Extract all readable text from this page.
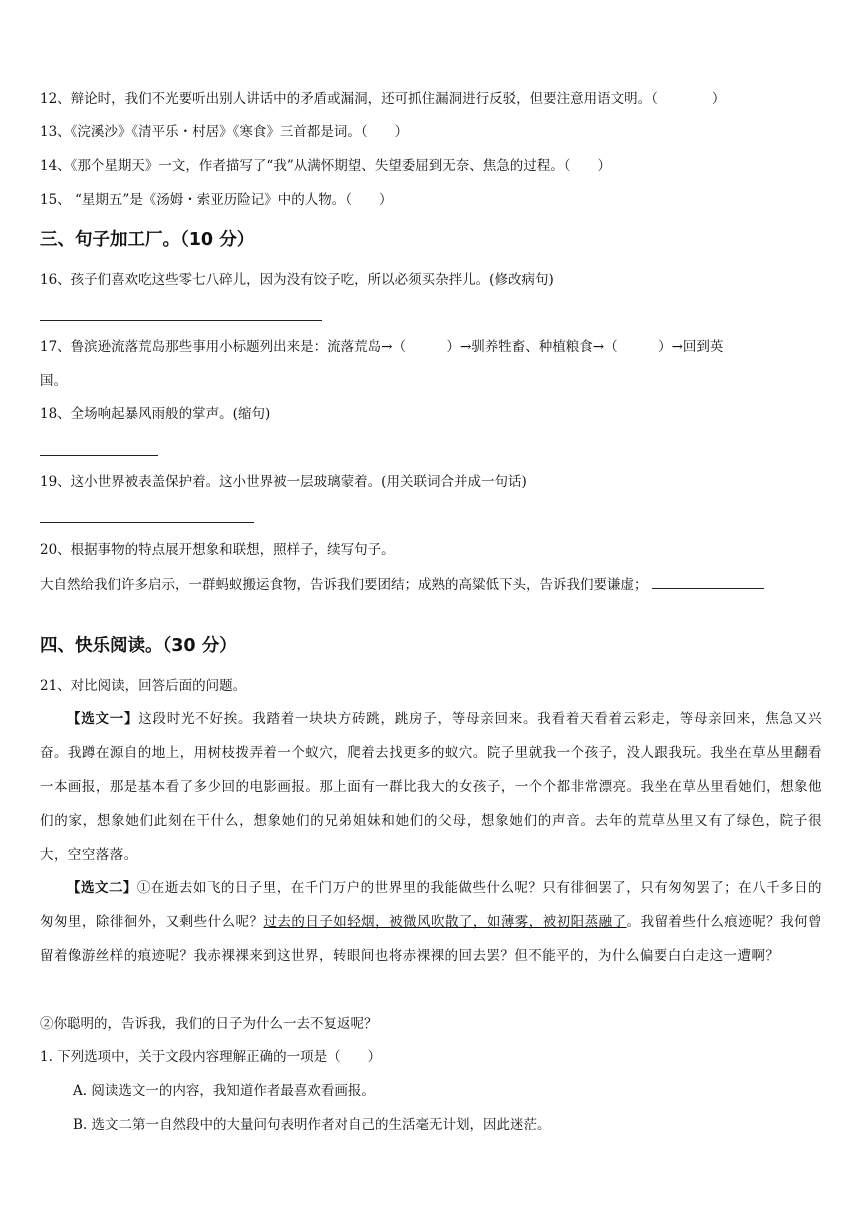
12、辩论时，我们不光要听出别人讲话中的矛盾或漏洞，还可抓住漏洞进行反驳，但要注意用语文明。（　　　　）
13、《浣溪沙》《清平乐・村居》《寒食》三首都是词。（　　）
14、《那个星期天》一文，作者描写了“我”从满怀期望、失望委屈到无奈、焦急的过程。（　　）
15、 “星期五”是《汤姆・索亚历险记》中的人物。（　　）
三、句子加工厂。（10 分）
16、孩子们喜欢吃这些零七八碎儿，因为没有饺子吃，所以必须买杂拌儿。(修改病句)
17、鲁滨逊流落荒岛那些事用小标题列出来是：流落荒岛→（　　　）→驯养牲畜、种植粮食→（　　　）→回到英
国。
18、全场响起暴风雨般的掌声。(缩句)
19、这小世界被表盖保护着。这小世界被一层玻璃蒙着。(用关联词合并成一句话)
20、根据事物的特点展开想象和联想，照样子，续写句子。
大自然给我们许多启示，一群蚂蚁搬运食物，告诉我们要团结；成熟的高粱低下头，告诉我们要谦虚；
四、快乐阅读。（30 分）
21、对比阅读，回答后面的问题。
【选文一】这段时光不好挨。我踏着一块块方砖跳，跳房子，等母亲回来。我看着天看着云彩走，等母亲回来，焦急又兴奋。我蹲在源自的地上，用树枝拨弄着一个蚁穴，爬着去找更多的蚁穴。院子里就我一个孩子，没人跟我玩。我坐在草丛里翻看一本画报，那是基本看了多少回的电影画报。那上面有一群比我大的女孩子，一个个都非常漂亮。我坐在草丛里看她们，想象他们的家，想象她们此刻在干什么，想象她们的兄弟姐妹和她们的父母，想象她们的声音。去年的荒草丛里又有了绿色，院子很大，空空落落。
【选文二】①在逝去如飞的日子里，在千门万户的世界里的我能做些什么呢？只有徘徊罢了，只有匆匆罢了；在八千多日的匆匆里，除徘徊外，又剩些什么呢？过去的日子如轻烟，被微风吹散了，如薄雾，被初阳蒸融了。我留着些什么痕迹呢？我何曾留着像游丝样的痕迹呢？我赤裸裸来到这世界，转眼间也将赤裸裸的回去罢？但不能平的，为什么偏要白白走这一遭啊？
②你聪明的，告诉我，我们的日子为什么一去不复返呢？
1. 下列选项中，关于文段内容理解正确的一项是（　　）
A. 阅读选文一的内容，我知道作者最喜欢看画报。
B. 选文二第一自然段中的大量问句表明作者对自己的生活毫无计划，因此迷茫。
